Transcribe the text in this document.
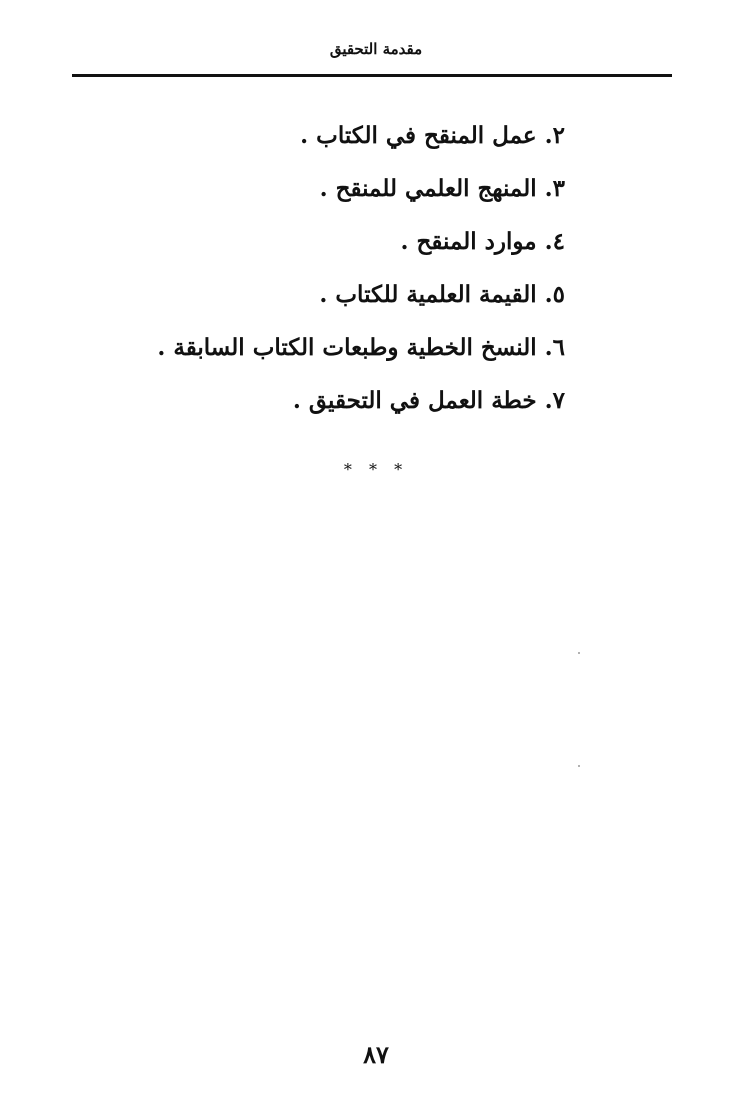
مقدمة التحقيق
٢.عمل المنقح في الكتاب .
٣.المنهج العلمي للمنقح .
٤.موارد المنقح .
٥.القيمة العلمية للكتاب .
٦.النسخ الخطية وطبعات الكتاب السابقة .
٧.خطة العمل في التحقيق .
* * *
٨٧
